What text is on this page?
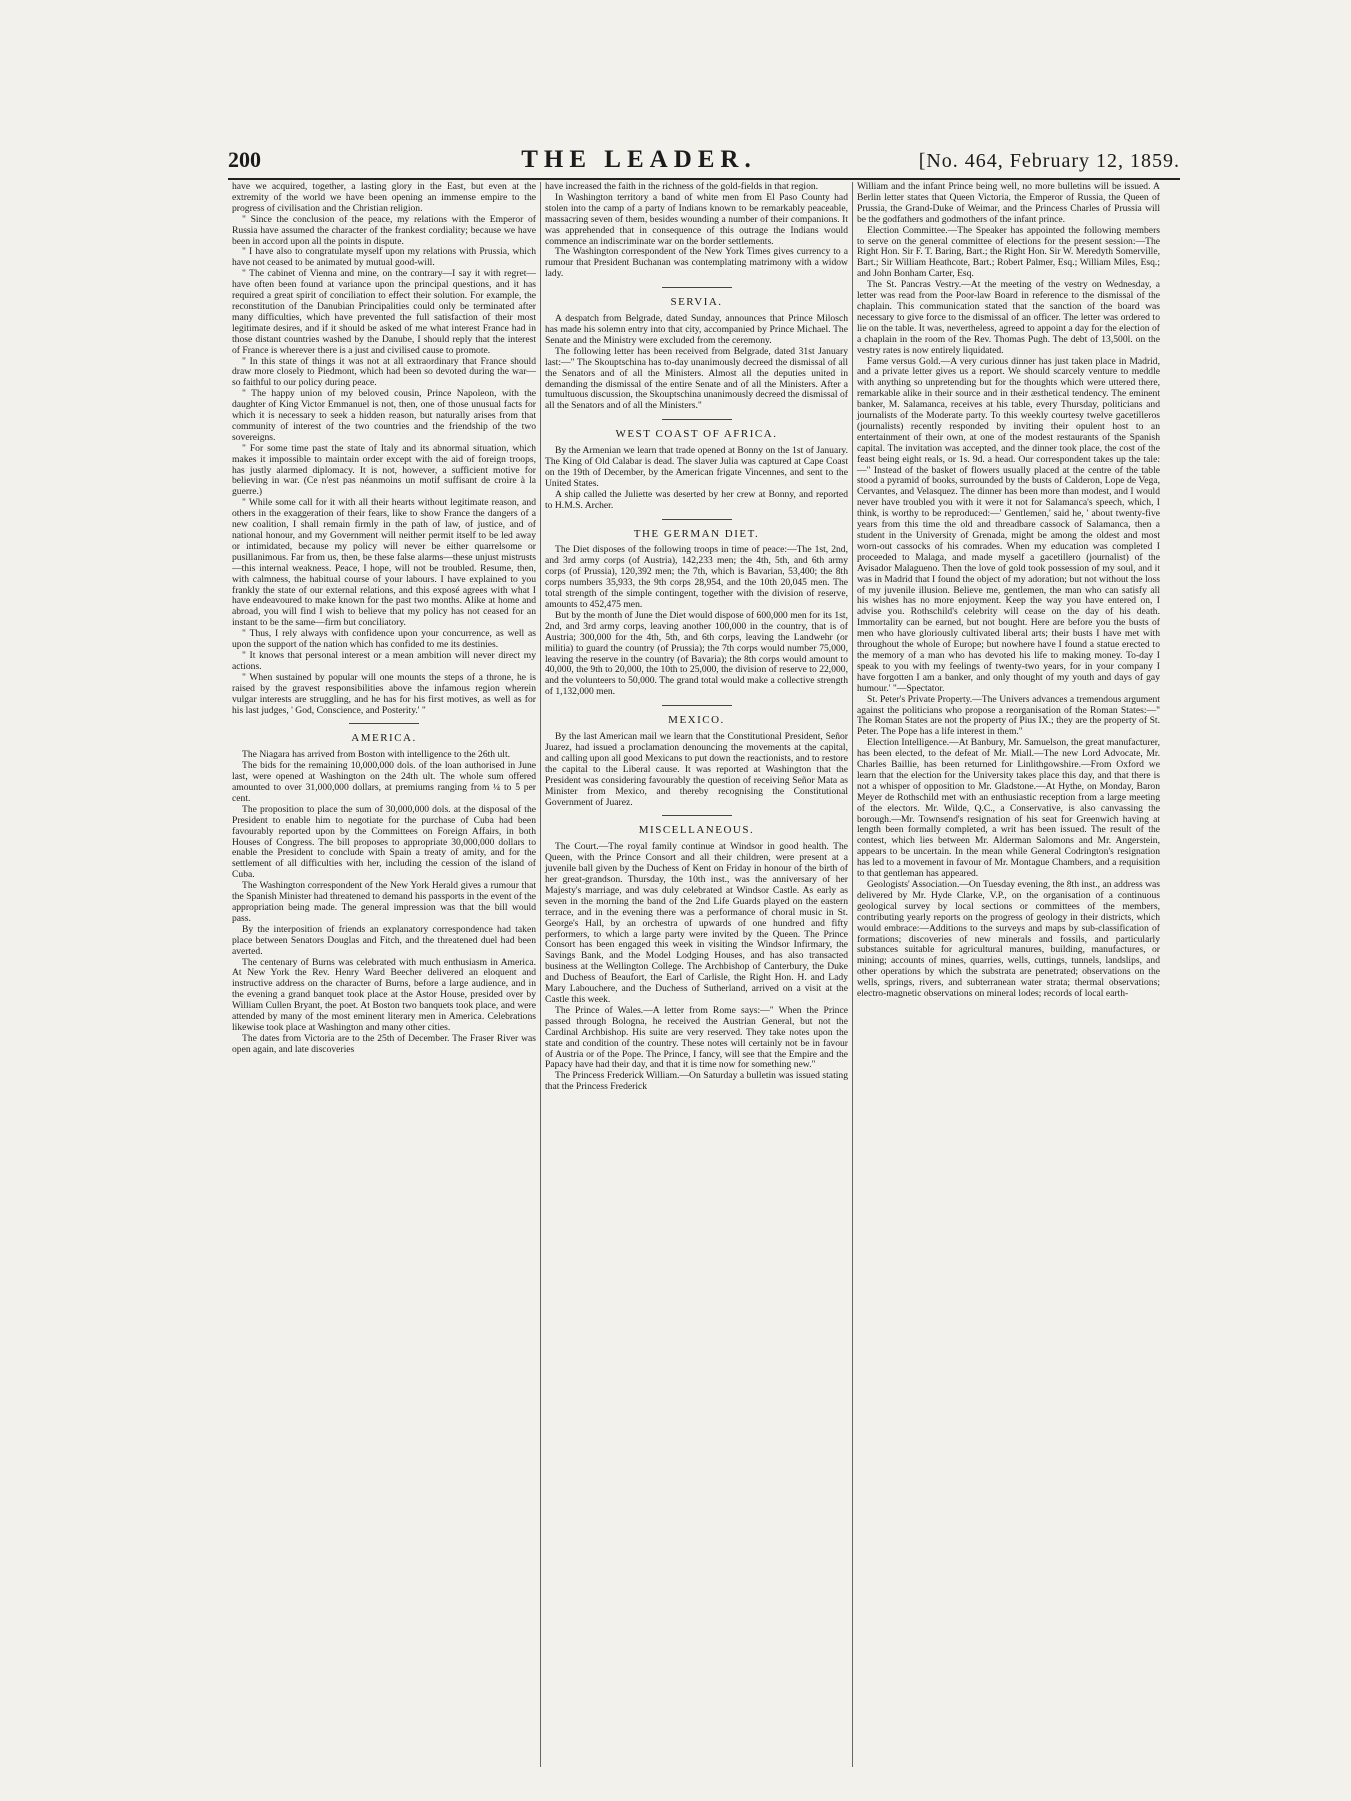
200	THE LEADER.	[No. 464, February 12, 1859.

have we acquired, together, a lasting glory in the East, but even at the extremity of the world we have been opening an immense empire to the progress of civilisation and the Christian religion.

" Since the conclusion of the peace, my relations with the Emperor of Russia have assumed the character of the frankest cordiality; because we have been in accord upon all the points in dispute.

" I have also to congratulate myself upon my relations with Prussia, which have not ceased to be animated by mutual good-will.

" The cabinet of Vienna and mine, on the contrary—I say it with regret—have often been found at variance upon the principal questions, and it has required a great spirit of conciliation to effect their solution. For example, the reconstitution of the Danubian Principalities could only be terminated after many difficulties, which have prevented the full satisfaction of their most legitimate desires, and if it should be asked of me what interest France had in those distant countries washed by the Danube, I should reply that the interest of France is wherever there is a just and civilised cause to promote.

" In this state of things it was not at all extraordinary that France should draw more closely to Piedmont, which had been so devoted during the war—so faithful to our policy during peace.

" The happy union of my beloved cousin, Prince Napoleon, with the daughter of King Victor Emmanuel is not, then, one of those unusual facts for which it is necessary to seek a hidden reason, but naturally arises from that community of interest of the two countries and the friendship of the two sovereigns.

" For some time past the state of Italy and its abnormal situation, which makes it impossible to maintain order except with the aid of foreign troops, has justly alarmed diplomacy. It is not, however, a sufficient motive for believing in war. (Ce n'est pas néanmoins un motif suffisant de croire à la guerre.)

" While some call for it with all their hearts without legitimate reason, and others in the exaggeration of their fears, like to show France the dangers of a new coalition, I shall remain firmly in the path of law, of justice, and of national honour, and my Government will neither permit itself to be led away or intimidated, because my policy will never be either quarrelsome or pusillanimous. Far from us, then, be these false alarms—these unjust mistrusts—this internal weakness. Peace, I hope, will not be troubled. Resume, then, with calmness, the habitual course of your labours. I have explained to you frankly the state of our external relations, and this exposé agrees with what I have endeavoured to make known for the past two months. Alike at home and abroad, you will find I wish to believe that my policy has not ceased for an instant to be the same—firm but conciliatory.

" Thus, I rely always with confidence upon your concurrence, as well as upon the support of the nation which has confided to me its destinies.

" It knows that personal interest or a mean ambition will never direct my actions.

" When sustained by popular will one mounts the steps of a throne, he is raised by the gravest responsibilities above the infamous region wherein vulgar interests are struggling, and he has for his first motives, as well as for his last judges, ' God, Conscience, and Posterity.' "

AMERICA.

The Niagara has arrived from Boston with intelligence to the 26th ult.

The bids for the remaining 10,000,000 dols. of the loan authorised in June last, were opened at Washington on the 24th ult. The whole sum offered amounted to over 31,000,000 dollars, at premiums ranging from ¼ to 5 per cent.

The proposition to place the sum of 30,000,000 dols. at the disposal of the President to enable him to negotiate for the purchase of Cuba had been favourably reported upon by the Committees on Foreign Affairs, in both Houses of Congress. The bill proposes to appropriate 30,000,000 dollars to enable the President to conclude with Spain a treaty of amity, and for the settlement of all difficulties with her, including the cession of the island of Cuba.

The Washington correspondent of the New York Herald gives a rumour that the Spanish Minister had threatened to demand his passports in the event of the appropriation being made. The general impression was that the bill would pass.

By the interposition of friends an explanatory correspondence had taken place between Senators Douglas and Fitch, and the threatened duel had been averted.

The centenary of Burns was celebrated with much enthusiasm in America. At New York the Rev. Henry Ward Beecher delivered an eloquent and instructive address on the character of Burns, before a large audience, and in the evening a grand banquet took place at the Astor House, presided over by William Cullen Bryant, the poet. At Boston two banquets took place, and were attended by many of the most eminent literary men in America. Celebrations likewise took place at Washington and many other cities.

The dates from Victoria are to the 25th of December. The Fraser River was open again, and late discoveries

have increased the faith in the richness of the gold-fields in that region.

In Washington territory a band of white men from El Paso County had stolen into the camp of a party of Indians known to be remarkably peaceable, massacring seven of them, besides wounding a number of their companions. It was apprehended that in consequence of this outrage the Indians would commence an indiscriminate war on the border settlements.

The Washington correspondent of the New York Times gives currency to a rumour that President Buchanan was contemplating matrimony with a widow lady.

SERVIA.

A despatch from Belgrade, dated Sunday, announces that Prince Milosch has made his solemn entry into that city, accompanied by Prince Michael. The Senate and the Ministry were excluded from the ceremony.

The following letter has been received from Belgrade, dated 31st January last:—" The Skouptschina has to-day unanimously decreed the dismissal of all the Senators and of all the Ministers. Almost all the deputies united in demanding the dismissal of the entire Senate and of all the Ministers. After a tumultuous discussion, the Skouptschina unanimously decreed the dismissal of all the Senators and of all the Ministers."

WEST COAST OF AFRICA.

By the Armenian we learn that trade opened at Bonny on the 1st of January. The King of Old Calabar is dead. The slaver Julia was captured at Cape Coast on the 19th of December, by the American frigate Vincennes, and sent to the United States.

A ship called the Juliette was deserted by her crew at Bonny, and reported to H.M.S. Archer.

THE GERMAN DIET.

The Diet disposes of the following troops in time of peace:—The 1st, 2nd, and 3rd army corps (of Austria), 142,233 men; the 4th, 5th, and 6th army corps (of Prussia), 120,392 men; the 7th, which is Bavarian, 53,400; the 8th corps numbers 35,933, the 9th corps 28,954, and the 10th 20,045 men. The total strength of the simple contingent, together with the division of reserve, amounts to 452,475 men.

But by the month of June the Diet would dispose of 600,000 men for its 1st, 2nd, and 3rd army corps, leaving another 100,000 in the country, that is of Austria; 300,000 for the 4th, 5th, and 6th corps, leaving the Landwehr (or militia) to guard the country (of Prussia); the 7th corps would number 75,000, leaving the reserve in the country (of Bavaria); the 8th corps would amount to 40,000, the 9th to 20,000, the 10th to 25,000, the division of reserve to 22,000, and the volunteers to 50,000. The grand total would make a collective strength of 1,132,000 men.

MEXICO.

By the last American mail we learn that the Constitutional President, Señor Juarez, had issued a proclamation denouncing the movements at the capital, and calling upon all good Mexicans to put down the reactionists, and to restore the capital to the Liberal cause. It was reported at Washington that the President was considering favourably the question of receiving Señor Mata as Minister from Mexico, and thereby recognising the Constitutional Government of Juarez.

MISCELLANEOUS.

The Court.—The royal family continue at Windsor in good health. The Queen, with the Prince Consort and all their children, were present at a juvenile ball given by the Duchess of Kent on Friday in honour of the birth of her great-grandson. Thursday, the 10th inst., was the anniversary of her Majesty's marriage, and was duly celebrated at Windsor Castle. As early as seven in the morning the band of the 2nd Life Guards played on the eastern terrace, and in the evening there was a performance of choral music in St. George's Hall, by an orchestra of upwards of one hundred and fifty performers, to which a large party were invited by the Queen. The Prince Consort has been engaged this week in visiting the Windsor Infirmary, the Savings Bank, and the Model Lodging Houses, and has also transacted business at the Wellington College. The Archbishop of Canterbury, the Duke and Duchess of Beaufort, the Earl of Carlisle, the Right Hon. H. and Lady Mary Labouchere, and the Duchess of Sutherland, arrived on a visit at the Castle this week.

The Prince of Wales.—A letter from Rome says:—" When the Prince passed through Bologna, he received the Austrian General, but not the Cardinal Archbishop. His suite are very reserved. They take notes upon the state and condition of the country. These notes will certainly not be in favour of Austria or of the Pope. The Prince, I fancy, will see that the Empire and the Papacy have had their day, and that it is time now for something new."

The Princess Frederick William.—On Saturday a bulletin was issued stating that the Princess Frederick

William and the infant Prince being well, no more bulletins will be issued. A Berlin letter states that Queen Victoria, the Emperor of Russia, the Queen of Prussia, the Grand-Duke of Weimar, and the Princess Charles of Prussia will be the godfathers and godmothers of the infant prince.

Election Committee.—The Speaker has appointed the following members to serve on the general committee of elections for the present session:—The Right Hon. Sir F. T. Baring, Bart.; the Right Hon. Sir W. Meredyth Somerville, Bart.; Sir William Heathcote, Bart.; Robert Palmer, Esq.; William Miles, Esq.; and John Bonham Carter, Esq.

The St. Pancras Vestry.—At the meeting of the vestry on Wednesday, a letter was read from the Poor-law Board in reference to the dismissal of the chaplain. This communication stated that the sanction of the board was necessary to give force to the dismissal of an officer. The letter was ordered to lie on the table. It was, nevertheless, agreed to appoint a day for the election of a chaplain in the room of the Rev. Thomas Pugh. The debt of 13,500l. on the vestry rates is now entirely liquidated.

Fame versus Gold.—A very curious dinner has just taken place in Madrid, and a private letter gives us a report. We should scarcely venture to meddle with anything so unpretending but for the thoughts which were uttered there, remarkable alike in their source and in their æsthetical tendency. The eminent banker, M. Salamanca, receives at his table, every Thursday, politicians and journalists of the Moderate party. To this weekly courtesy twelve gacetilleros (journalists) recently responded by inviting their opulent host to an entertainment of their own, at one of the modest restaurants of the Spanish capital. The invitation was accepted, and the dinner took place, the cost of the feast being eight reals, or 1s. 9d. a head. Our correspondent takes up the tale:—" Instead of the basket of flowers usually placed at the centre of the table stood a pyramid of books, surrounded by the busts of Calderon, Lope de Vega, Cervantes, and Velasquez. The dinner has been more than modest, and I would never have troubled you with it were it not for Salamanca's speech, which, I think, is worthy to be reproduced:—' Gentlemen,' said he, ' about twenty-five years from this time the old and threadbare cassock of Salamanca, then a student in the University of Grenada, might be among the oldest and most worn-out cassocks of his comrades. When my education was completed I proceeded to Malaga, and made myself a gacetillero (journalist) of the Avisador Malagueno. Then the love of gold took possession of my soul, and it was in Madrid that I found the object of my adoration; but not without the loss of my juvenile illusion. Believe me, gentlemen, the man who can satisfy all his wishes has no more enjoyment. Keep the way you have entered on, I advise you. Rothschild's celebrity will cease on the day of his death. Immortality can be earned, but not bought. Here are before you the busts of men who have gloriously cultivated liberal arts; their busts I have met with throughout the whole of Europe; but nowhere have I found a statue erected to the memory of a man who has devoted his life to making money. To-day I speak to you with my feelings of twenty-two years, for in your company I have forgotten I am a banker, and only thought of my youth and days of gay humour.' "—Spectator.

St. Peter's Private Property.—The Univers advances a tremendous argument against the politicians who propose a reorganisation of the Roman States:—" The Roman States are not the property of Pius IX.; they are the property of St. Peter. The Pope has a life interest in them."

Election Intelligence.—At Banbury, Mr. Samuelson, the great manufacturer, has been elected, to the defeat of Mr. Miall.—The new Lord Advocate, Mr. Charles Baillie, has been returned for Linlithgowshire.—From Oxford we learn that the election for the University takes place this day, and that there is not a whisper of opposition to Mr. Gladstone.—At Hythe, on Monday, Baron Meyer de Rothschild met with an enthusiastic reception from a large meeting of the electors. Mr. Wilde, Q.C., a Conservative, is also canvassing the borough.—Mr. Townsend's resignation of his seat for Greenwich having at length been formally completed, a writ has been issued. The result of the contest, which lies between Mr. Alderman Salomons and Mr. Angerstein, appears to be uncertain. In the mean while General Codrington's resignation has led to a movement in favour of Mr. Montague Chambers, and a requisition to that gentleman has appeared.

Geologists' Association.—On Tuesday evening, the 8th inst., an address was delivered by Mr. Hyde Clarke, V.P., on the organisation of a continuous geological survey by local sections or committees of the members, contributing yearly reports on the progress of geology in their districts, which would embrace:—Additions to the surveys and maps by sub-classification of formations; discoveries of new minerals and fossils, and particularly substances suitable for agricultural manures, building, manufactures, or mining; accounts of mines, quarries, wells, cuttings, tunnels, landslips, and other operations by which the substrata are penetrated; observations on the wells, springs, rivers, and subterranean water strata; thermal observations; electro-magnetic observations on mineral lodes; records of local earth-
